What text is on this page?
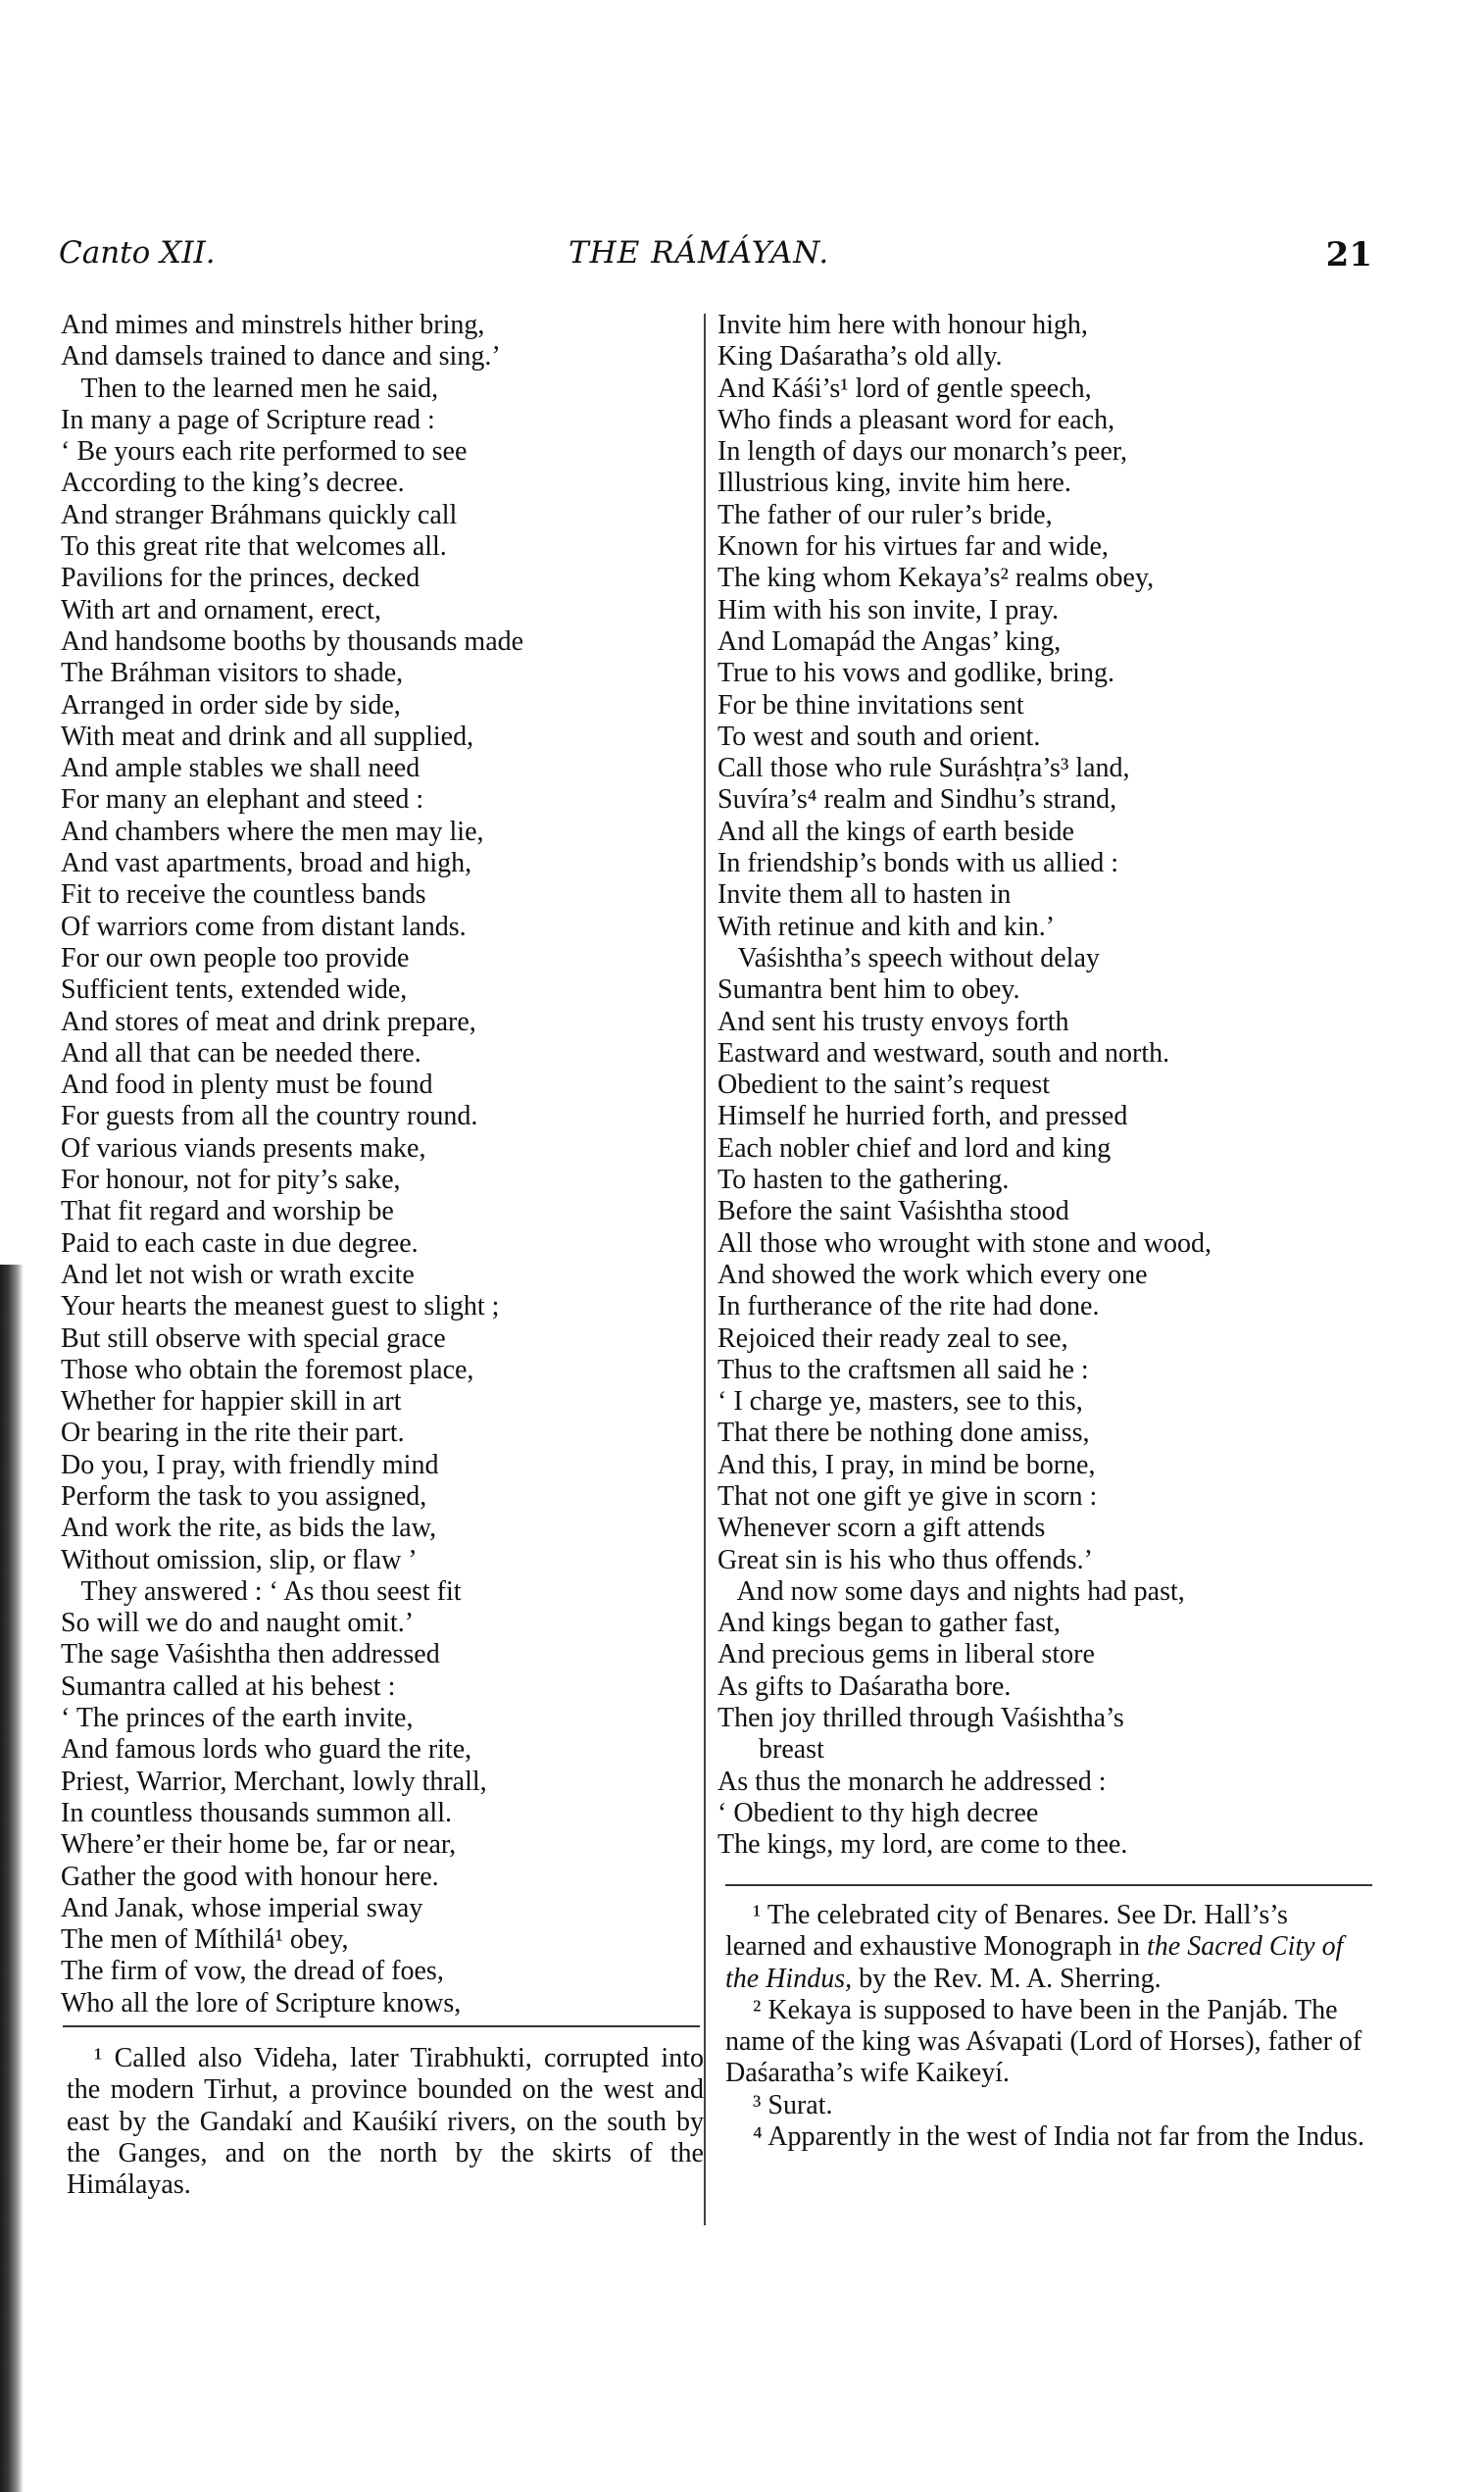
Canto XII.	THE RÁMÁYAN.	21
And mimes and minstrels hither bring,
And damsels trained to dance and sing.’
Then to the learned men he said,
In many a page of Scripture read :
‘ Be yours each rite performed to see
According to the king’s decree.
And stranger Bráhmans quickly call
To this great rite that welcomes all.
Pavilions for the princes, decked
With art and ornament, erect,
And handsome booths by thousands made
The Bráhman visitors to shade,
Arranged in order side by side,
With meat and drink and all supplied,
And ample stables we shall need
For many an elephant and steed :
And chambers where the men may lie,
And vast apartments, broad and high,
Fit to receive the countless bands
Of warriors come from distant lands.
For our own people too provide
Sufficient tents, extended wide,
And stores of meat and drink prepare,
And all that can be needed there.
And food in plenty must be found
For guests from all the country round.
Of various viands presents make,
For honour, not for pity’s sake,
That fit regard and worship be
Paid to each caste in due degree.
And let not wish or wrath excite
Your hearts the meanest guest to slight ;
But still observe with special grace
Those who obtain the foremost place,
Whether for happier skill in art
Or bearing in the rite their part.
Do you, I pray, with friendly mind
Perform the task to you assigned,
And work the rite, as bids the law,
Without omission, slip, or flaw ’
They answered : ‘ As thou seest fit
So will we do and naught omit.’
The sage Vaśishtha then addressed
Sumantra called at his behest :
‘ The princes of the earth invite,
And famous lords who guard the rite,
Priest, Warrior, Merchant, lowly thrall,
In countless thousands summon all.
Where’er their home be, far or near,
Gather the good with honour here.
And Janak, whose imperial sway
The men of Míthilá¹ obey,
The firm of vow, the dread of foes,
Who all the lore of Scripture knows,
Invite him here with honour high,
King Daśaratha’s old ally.
And Káśi’s¹ lord of gentle speech,
Who finds a pleasant word for each,
In length of days our monarch’s peer,
Illustrious king, invite him here.
The father of our ruler’s bride,
Known for his virtues far and wide,
The king whom Kekaya’s² realms obey,
Him with his son invite, I pray.
And Lomapád the Angas’ king,
True to his vows and godlike, bring.
For be thine invitations sent
To west and south and orient.
Call those who rule Suráshṭra’s³ land,
Suvíra’s⁴ realm and Sindhu’s strand,
And all the kings of earth beside
In friendship’s bonds with us allied :
Invite them all to hasten in
With retinue and kith and kin.’
Vaśishtha’s speech without delay
Sumantra bent him to obey.
And sent his trusty envoys forth
Eastward and westward, south and north.
Obedient to the saint’s request
Himself he hurried forth, and pressed
Each nobler chief and lord and king
To hasten to the gathering.
Before the saint Vaśishtha stood
All those who wrought with stone and wood,
And showed the work which every one
In furtherance of the rite had done.
Rejoiced their ready zeal to see,
Thus to the craftsmen all said he :
‘ I charge ye, masters, see to this,
That there be nothing done amiss,
And this, I pray, in mind be borne,
That not one gift ye give in scorn :
Whenever scorn a gift attends
Great sin is his who thus offends.’
And now some days and nights had past,
And kings began to gather fast,
And precious gems in liberal store
As gifts to Daśaratha bore.
Then joy thrilled through Vaśishtha’s
breast
As thus the monarch he addressed :
‘ Obedient to thy high decree
The kings, my lord, are come to thee.

¹ Called also Videha, later Tirabhukti, corrupted into the modern Tirhut, a province bounded on the west and east by the Gandakí and Kauśikí rivers, on the south by the Ganges, and on the north by the skirts of the Himálayas.

¹ The celebrated city of Benares. See Dr. Hall’s’s learned and exhaustive Monograph in the Sacred City of the Hindus, by the Rev. M. A. Sherring.

² Kekaya is supposed to have been in the Panjáb. The name of the king was Aśvapati (Lord of Horses), father of Daśaratha’s wife Kaikeyí.

³ Surat.

⁴ Apparently in the west of India not far from the Indus.
